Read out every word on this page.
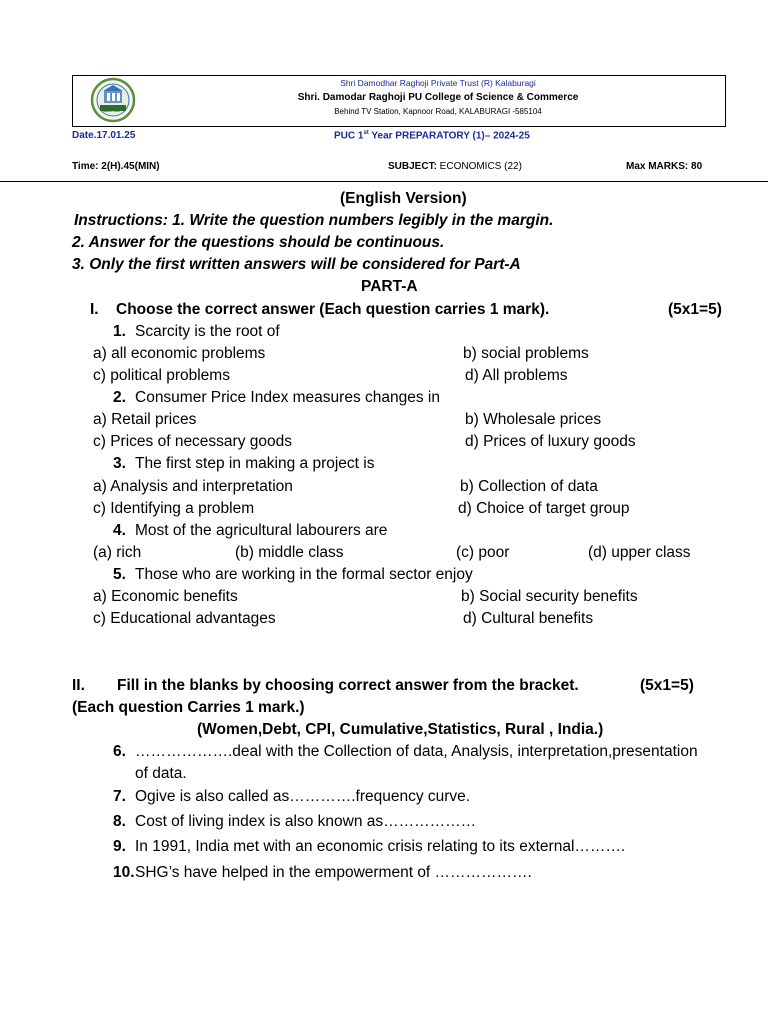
SDRPUC
Shri Damodhar Raghoji Private Trust (R) Kalaburagi
Shri. Damodar Raghoji PU College of Science & Commerce
Behind TV Station, Kapnoor Road, KALABURAGI -585104
Date.17.01.25	PUC 1st Year PREPARATORY (1)– 2024-25
Time: 2(H).45(MIN)	SUBJECT: ECONOMICS (22)	Max MARKS: 80
(English Version)
Instructions: 1. Write the question numbers legibly in the margin.
2. Answer for the questions should be continuous.
3. Only the first written answers will be considered for Part-A
PART-A
I. Choose the correct answer (Each question carries 1 mark).	(5x1=5)
1. Scarcity is the root of
a) all economic problems	b) social problems
c) political problems	d) All problems
2. Consumer Price Index measures changes in
a) Retail prices	b) Wholesale prices
c) Prices of necessary goods	d) Prices of luxury goods
3. The first step in making a project is
a) Analysis and interpretation	b) Collection of data
c) Identifying a problem	d) Choice of target group
4. Most of the agricultural labourers are
(a) rich	(b) middle class	(c) poor	(d) upper class
5. Those who are working in the formal sector enjoy
a) Economic benefits	b) Social security benefits
c) Educational advantages	d) Cultural benefits
II. Fill in the blanks by choosing correct answer from the bracket.	(5x1=5)
(Each question Carries 1 mark.)
(Women,Debt, CPI, Cumulative,Statistics, Rural , India.)
6. ……………….deal with the Collection of data, Analysis, interpretation,presentation
of data.
7. Ogive is also called as………….frequency curve.
8. Cost of living index is also known as………………
9. In 1991, India met with an economic crisis relating to its external……….
10. SHG’s have helped in the empowerment of ……………….
